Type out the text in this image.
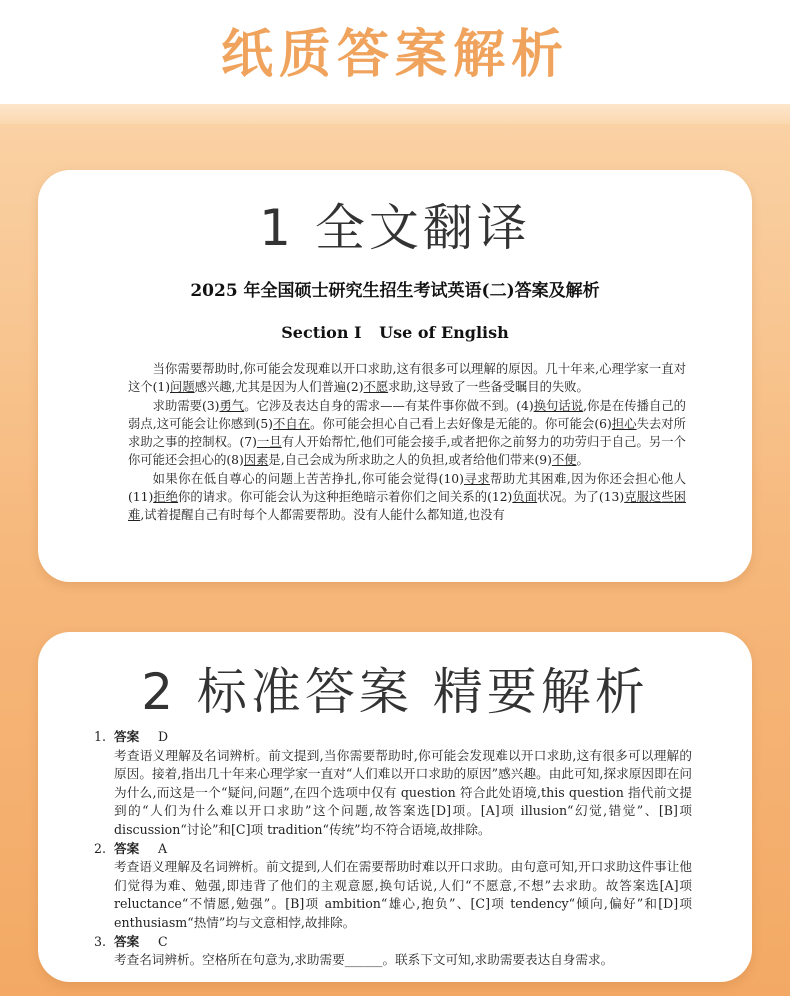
纸质答案解析
1 全文翻译
2025 年全国硕士研究生招生考试英语(二)答案及解析
Section Ⅰ Use of English

当你需要帮助时,你可能会发现难以开口求助,这有很多可以理解的原因。几十年来,心理学家一直对这个(1)问题感兴趣,尤其是因为人们普遍(2)不愿求助,这导致了一些备受瞩目的失败。

求助需要(3)勇气。它涉及表达自身的需求——有某件事你做不到。(4)换句话说,你是在传播自己的弱点,这可能会让你感到(5)不自在。你可能会担心自己看上去好像是无能的。你可能会(6)担心失去对所求助之事的控制权。(7)一旦有人开始帮忙,他们可能会接手,或者把你之前努力的功劳归于自己。另一个你可能还会担心的(8)因素是,自己会成为所求助之人的负担,或者给他们带来(9)不便。

如果你在低自尊心的问题上苦苦挣扎,你可能会觉得(10)寻求帮助尤其困难,因为你还会担心他人(11)拒绝你的请求。你可能会认为这种拒绝暗示着你们之间关系的(12)负面状况。为了(13)克服这些困难,试着提醒自己有时每个人都需要帮助。没有人能什么都知道,也没有

2 标准答案 精要解析
1. 答案	D
考查语义理解及名词辨析。前文提到,当你需要帮助时,你可能会发现难以开口求助,这有很多可以理解的原因。接着,指出几十年来心理学家一直对“人们难以开口求助的原因”感兴趣。由此可知,探求原因即在问为什么,而这是一个“疑问,问题”,在四个选项中仅有 question 符合此处语境,this question 指代前文提到的“人们为什么难以开口求助”这个问题,故答案选[D]项。[A]项 illusion“幻觉,错觉”、[B]项 discussion“讨论”和[C]项 tradition“传统”均不符合语境,故排除。
2. 答案	A
考查语义理解及名词辨析。前文提到,人们在需要帮助时难以开口求助。由句意可知,开口求助这件事让他们觉得为难、勉强,即违背了他们的主观意愿,换句话说,人们“不愿意,不想”去求助。故答案选[A]项 reluctance“不情愿,勉强”。[B]项 ambition“雄心,抱负”、[C]项 tendency“倾向,偏好”和[D]项 enthusiasm“热情”均与文意相悖,故排除。
3. 答案	C
考查名词辨析。空格所在句意为,求助需要______。联系下文可知,求助需要表达自身需求。
